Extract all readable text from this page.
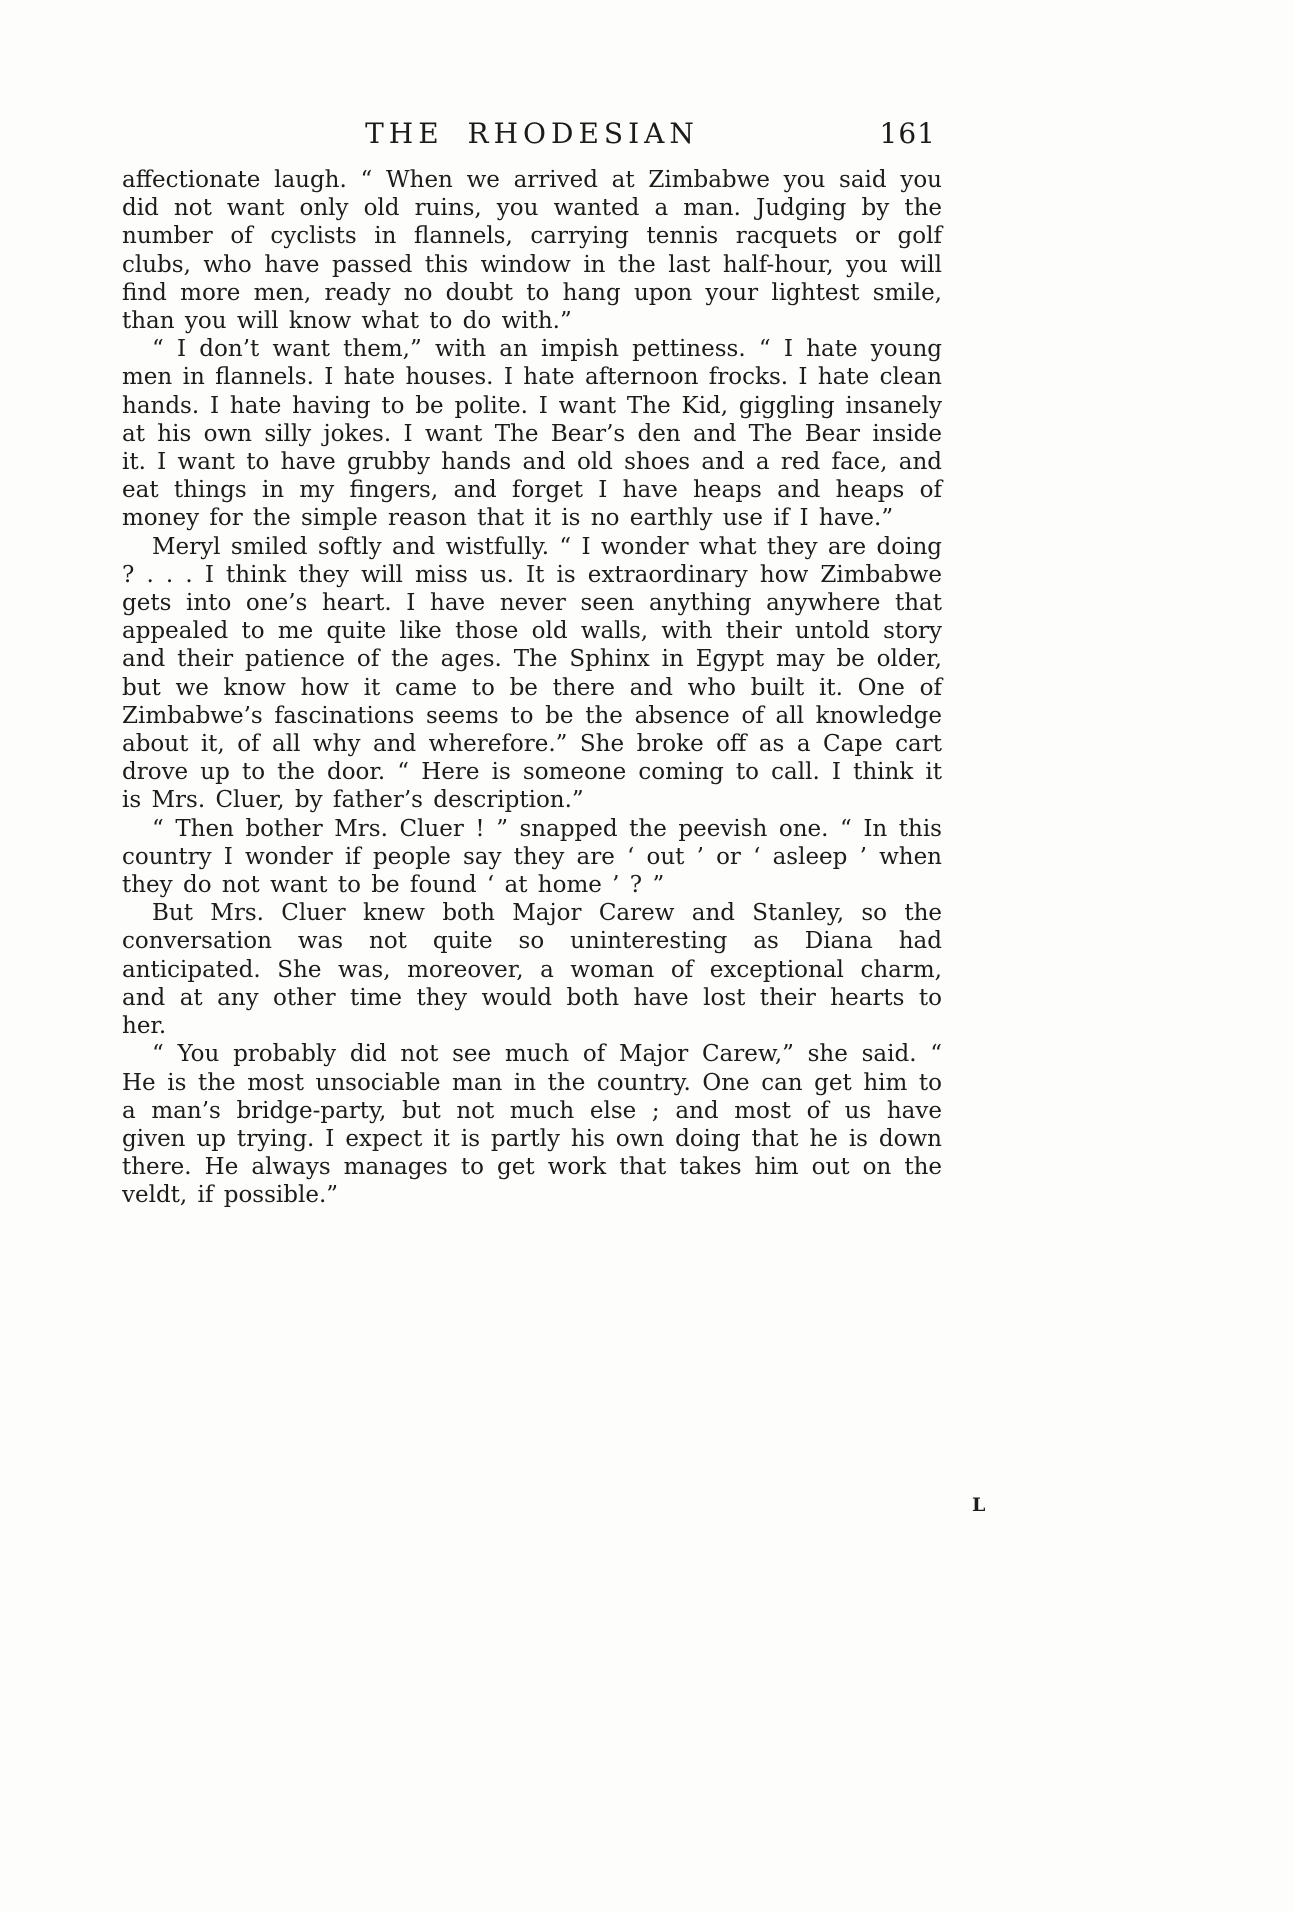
THE RHODESIAN	161

affectionate laugh. “ When we arrived at Zimbabwe you said you did not want only old ruins, you wanted a man. Judging by the number of cyclists in flannels, carrying tennis racquets or golf clubs, who have passed this window in the last half-hour, you will find more men, ready no doubt to hang upon your lightest smile, than you will know what to do with.”

“ I don’t want them,” with an impish pettiness. “ I hate young men in flannels. I hate houses. I hate afternoon frocks. I hate clean hands. I hate having to be polite. I want The Kid, giggling insanely at his own silly jokes. I want The Bear’s den and The Bear inside it. I want to have grubby hands and old shoes and a red face, and eat things in my fingers, and forget I have heaps and heaps of money for the simple reason that it is no earthly use if I have.”

Meryl smiled softly and wistfully. “ I wonder what they are doing ? . . . I think they will miss us. It is extraordinary how Zimbabwe gets into one’s heart. I have never seen anything anywhere that appealed to me quite like those old walls, with their untold story and their patience of the ages. The Sphinx in Egypt may be older, but we know how it came to be there and who built it. One of Zimbabwe’s fascinations seems to be the absence of all knowledge about it, of all why and wherefore.” She broke off as a Cape cart drove up to the door. “ Here is someone coming to call. I think it is Mrs. Cluer, by father’s description.”

“ Then bother Mrs. Cluer ! ” snapped the peevish one. “ In this country I wonder if people say they are ‘ out ’ or ‘ asleep ’ when they do not want to be found ‘ at home ’ ? ”

But Mrs. Cluer knew both Major Carew and Stanley, so the conversation was not quite so uninteresting as Diana had anticipated. She was, moreover, a woman of exceptional charm, and at any other time they would both have lost their hearts to her.

“ You probably did not see much of Major Carew,” she said. “ He is the most unsociable man in the country. One can get him to a man’s bridge-party, but not much else ; and most of us have given up trying. I expect it is partly his own doing that he is down there. He always manages to get work that takes him out on the veldt, if possible.”

L
